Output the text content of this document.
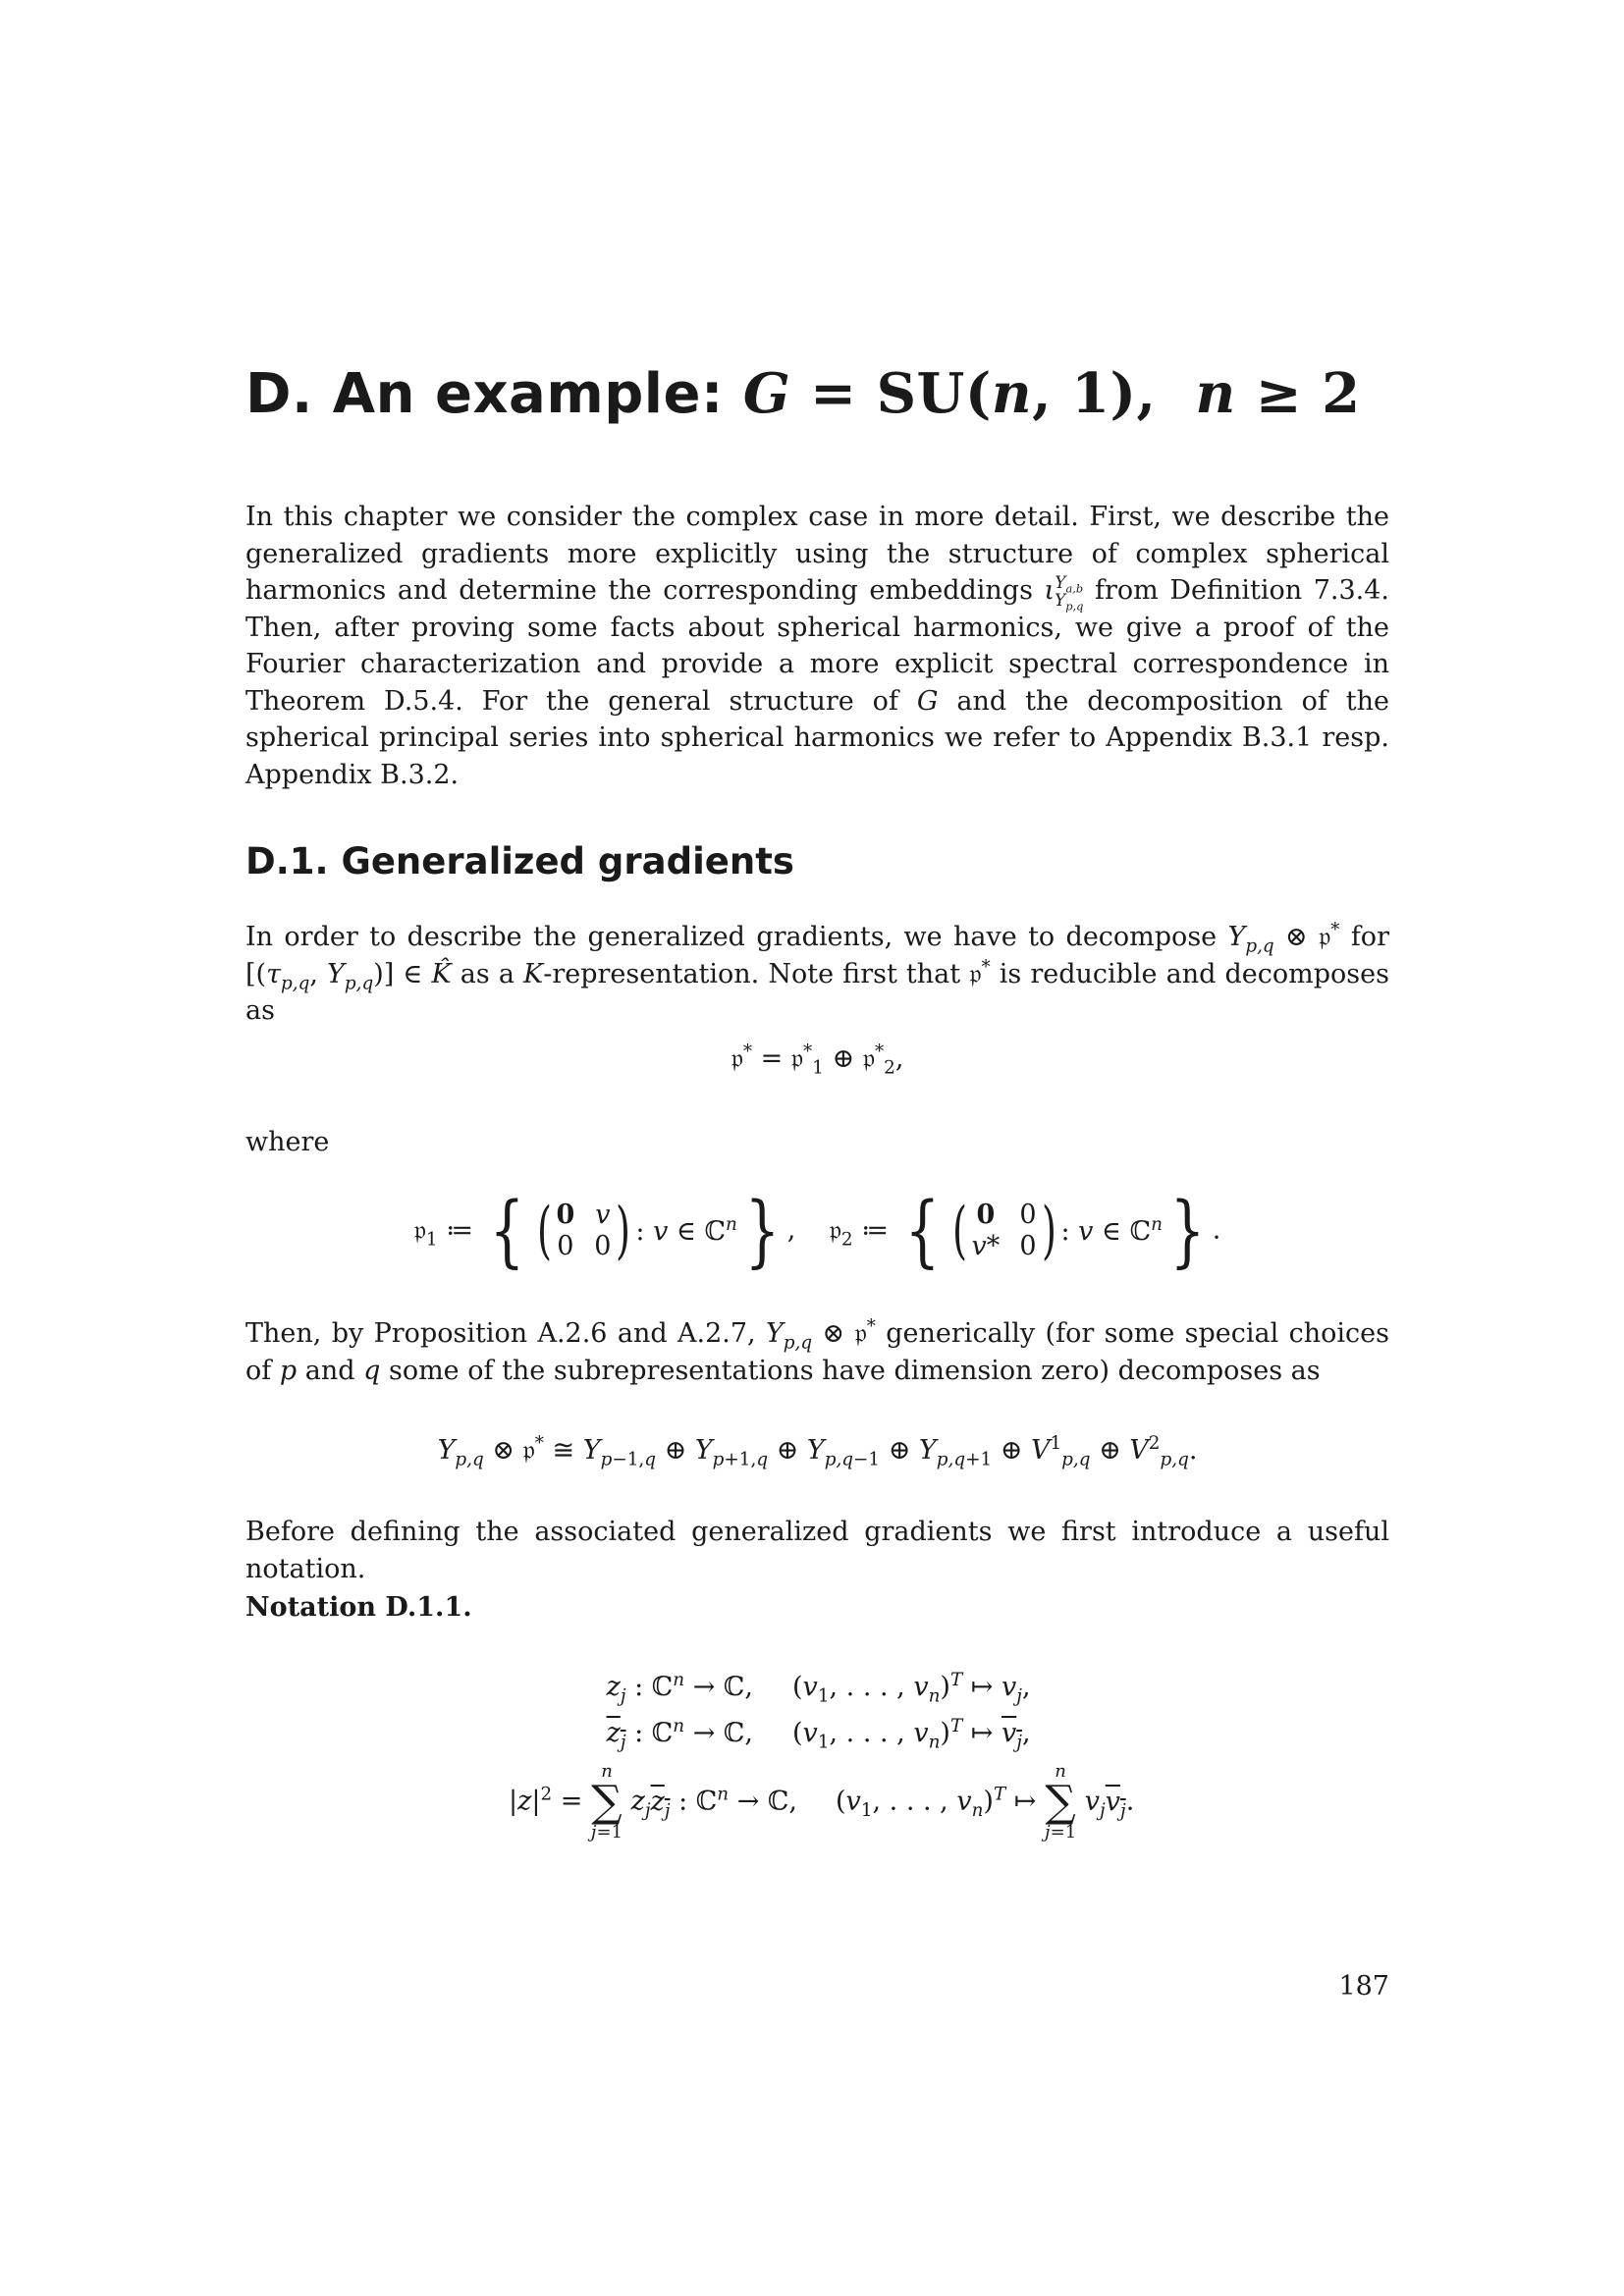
D. An example: G = SU(n, 1),  n ≥ 2

In this chapter we consider the complex case in more detail. First, we describe the generalized gradients more explicitly using the structure of complex spherical harmonics and determine the corresponding embeddings $\iota Y_{a,b}$
$Y_{p,q}$ from Definition 7.3.4. Then, after proving some facts about spherical harmonics, we give a proof of the Fourier characterization and provide a more explicit spectral correspondence in Theorem D.5.4. For the general structure of G and the decomposition of the spherical principal series into spherical harmonics we refer to Appendix B.3.1 resp. Appendix B.3.2.

D.1. Generalized gradients

In order to describe the generalized gradients, we have to decompose $Y_{p,q}$ ⊗ 𝔭* for [($\tau_{p,q}$, $Y_{p,q}$)] ∈ K̂ as a K-representation. Note first that 𝔭* is reducible and decomposes as

𝔭* = 𝔭*$_1$ ⊕ 𝔭*$_2$,
where
𝔭$_1$ ≔ { ( 0 v
0 0 ) : v ∈ ℂ$^n$ } ,    𝔭$_2$ ≔ { ( 0 0
v* 0 ) : v ∈ ℂ$^n$ } .

Then, by Proposition A.2.6 and A.2.7, $Y_{p,q}$ ⊗ 𝔭* generically (for some special choices of p and q some of the subrepresentations have dimension zero) decomposes as

$Y_{p,q}$ ⊗ 𝔭* ≅ $Y_{p-1,q}$ ⊕ $Y_{p+1,q}$ ⊕ $Y_{p,q-1}$ ⊕ $Y_{p,q+1}$ ⊕ $V^1_{p,q}$ ⊕ $V^2_{p,q}$.

Before defining the associated generalized gradients we first introduce a useful notation.

Notation D.1.1.
$z_j$ : ℂ$^n$ → ℂ, ($v_1$, . . . , $v_n)^T$ ↦ $v_j$,
$z_j$ : ℂ$^n$ → ℂ, ($v_1$, . . . , $v_n)^T$ ↦ $v_j$,
$|z|^2$ =
n
∑
j=1
$z_jz_j$ : ℂ$^n$ → ℂ, ($v_1$, . . . , $v_n)^T$ ↦
n
∑
j=1
$v_jv_j$.
187
